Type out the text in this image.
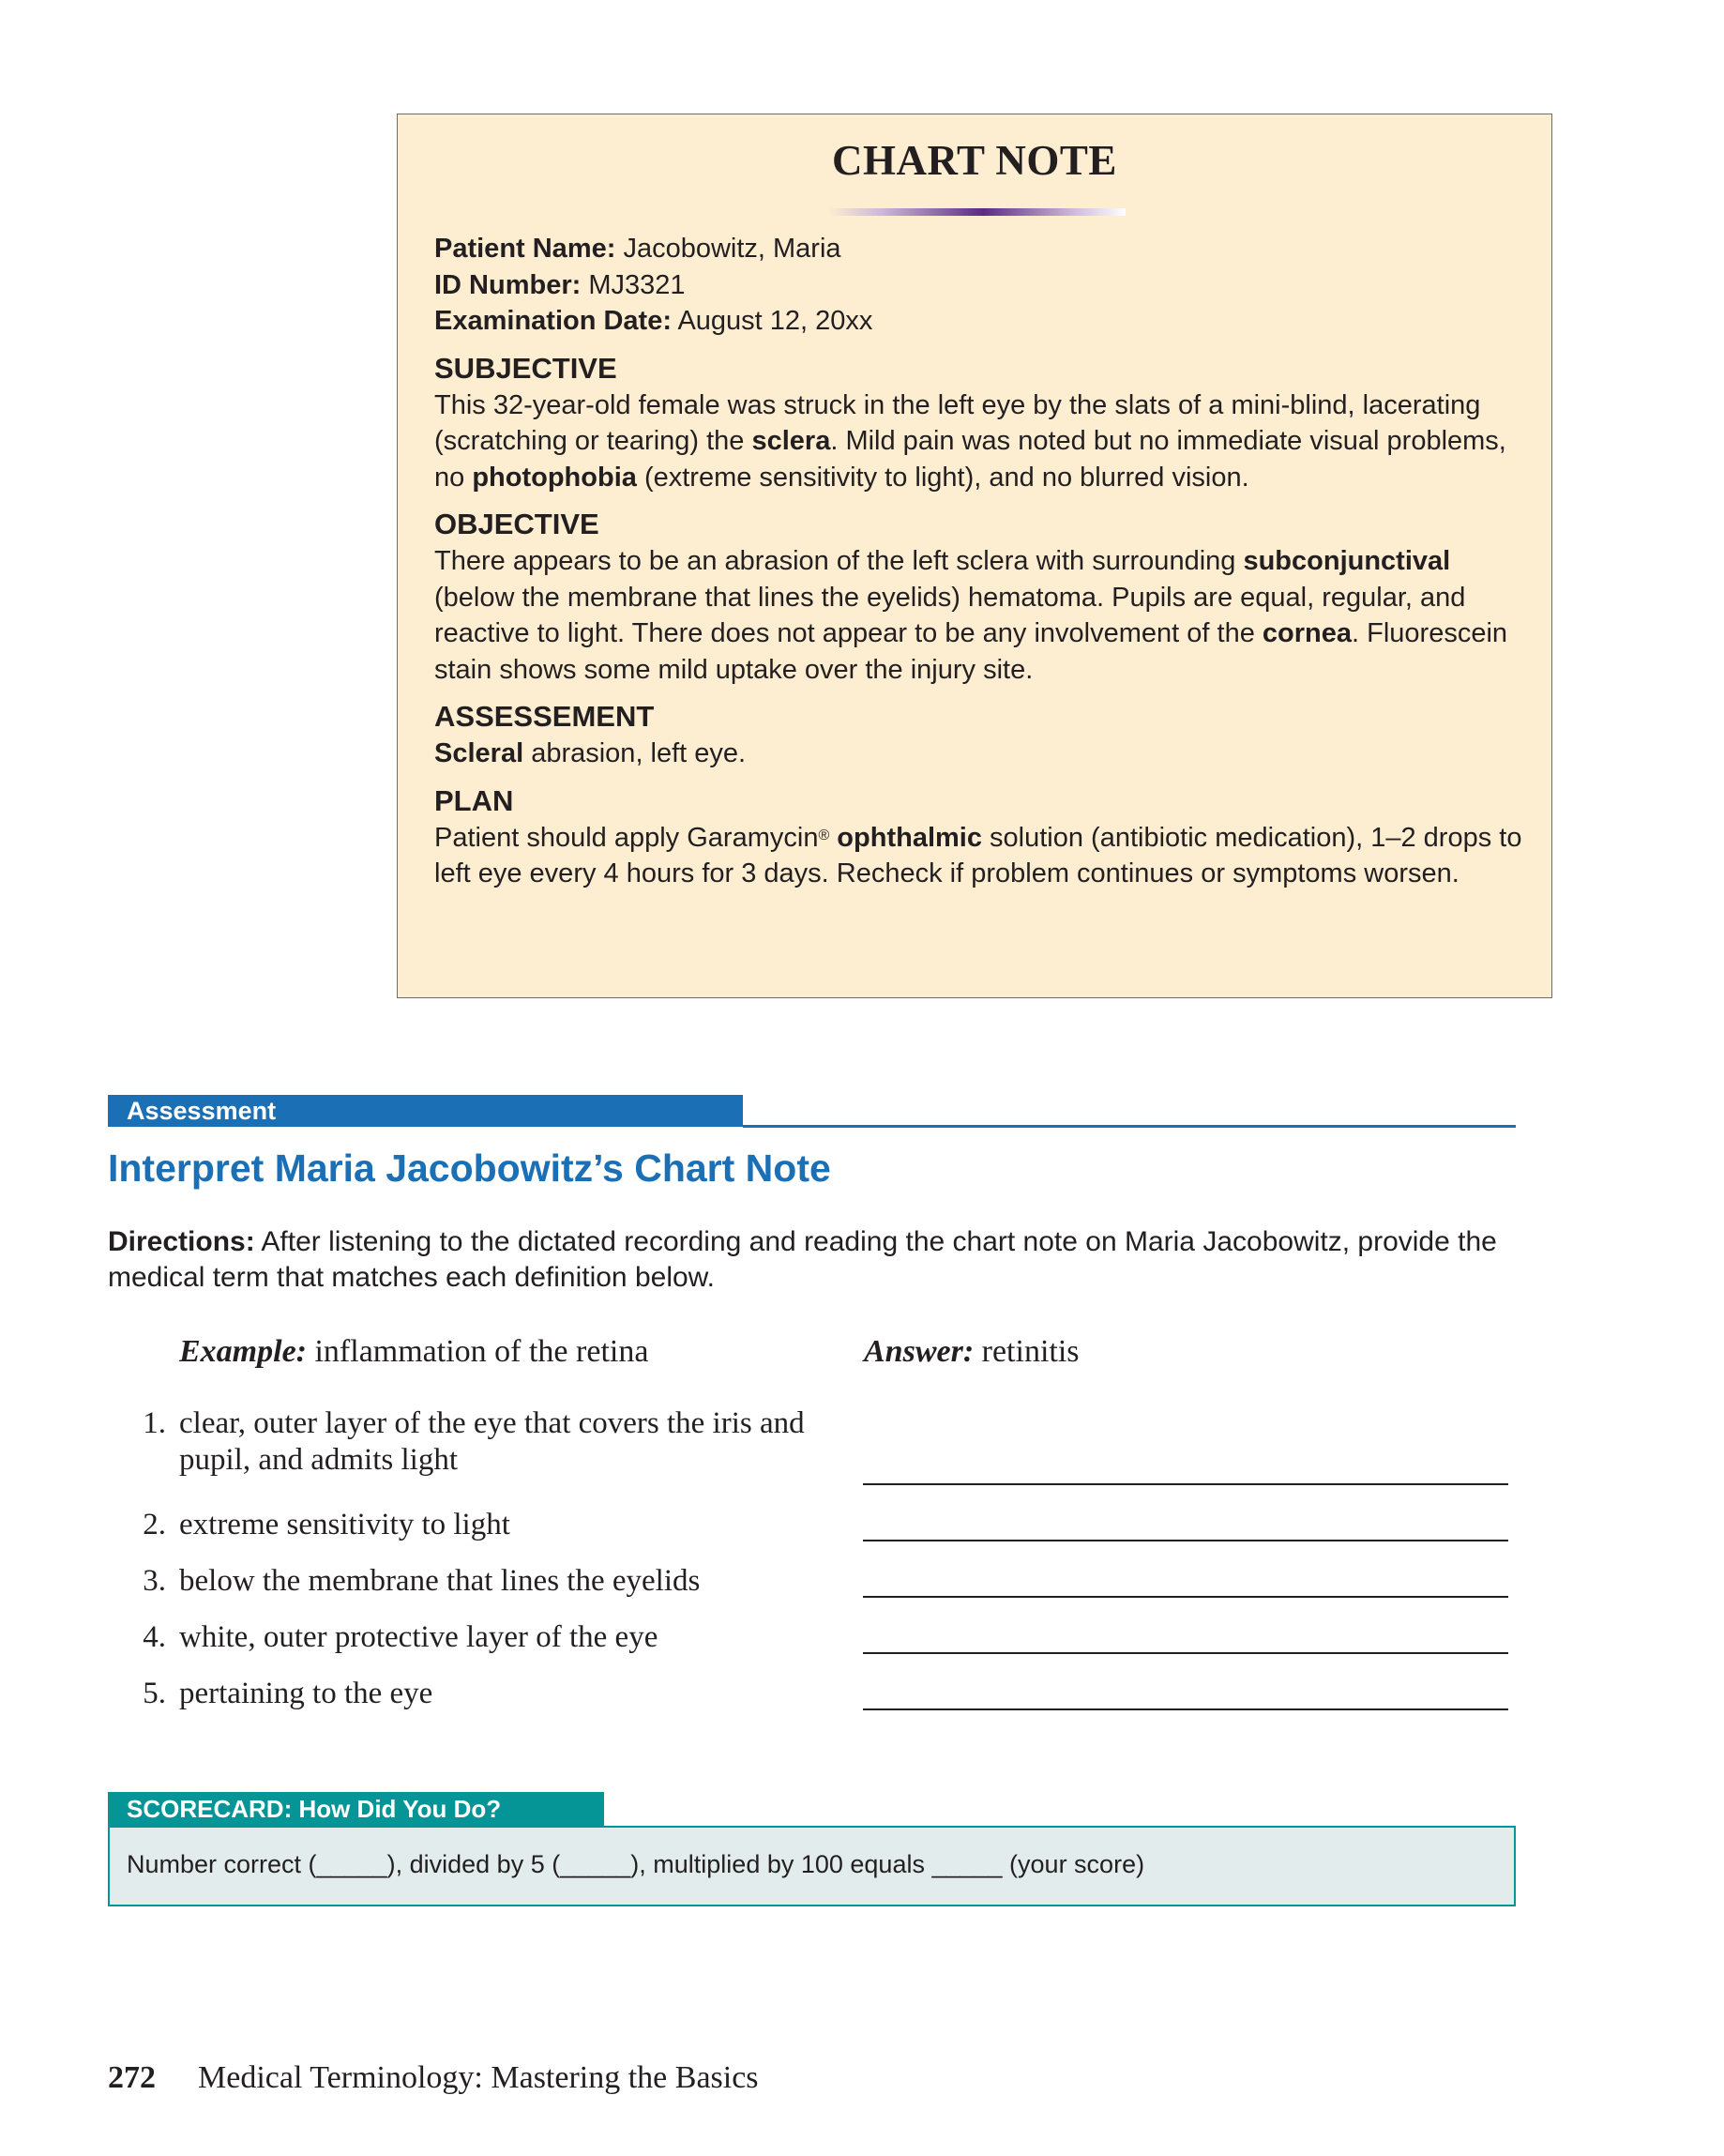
CHART NOTE

Patient Name: Jacobowitz, Maria

ID Number: MJ3321

Examination Date: August 12, 20xx

SUBJECTIVE

This 32-year-old female was struck in the left eye by the slats of a mini-blind, lacerating (scratching or tearing) the sclera. Mild pain was noted but no immediate visual problems, no photophobia (extreme sensitivity to light), and no blurred vision.

OBJECTIVE

There appears to be an abrasion of the left sclera with surrounding subconjunctival (below the membrane that lines the eyelids) hematoma. Pupils are equal, regular, and reactive to light. There does not appear to be any involvement of the cornea. Fluorescein stain shows some mild uptake over the injury site.

ASSESSEMENT

Scleral abrasion, left eye.

PLAN

Patient should apply Garamycin® ophthalmic solution (antibiotic medication), 1–2 drops to left eye every 4 hours for 3 days. Recheck if problem continues or symptoms worsen.

Assessment
Interpret Maria Jacobowitz’s Chart Note
Directions: After listening to the dictated recording and reading the chart note on Maria Jacobowitz, provide the medical term that matches each definition below.
Example: inflammation of the retina	Answer: retinitis
1. clear, outer layer of the eye that covers the iris and pupil, and admits light
2. extreme sensitivity to light
3. below the membrane that lines the eyelids
4. white, outer protective layer of the eye
5. pertaining to the eye
SCORECARD: How Did You Do?
Number correct (_____), divided by 5 (_____), multiplied by 100 equals _____ (your score)
272 Medical Terminology: Mastering the Basics
